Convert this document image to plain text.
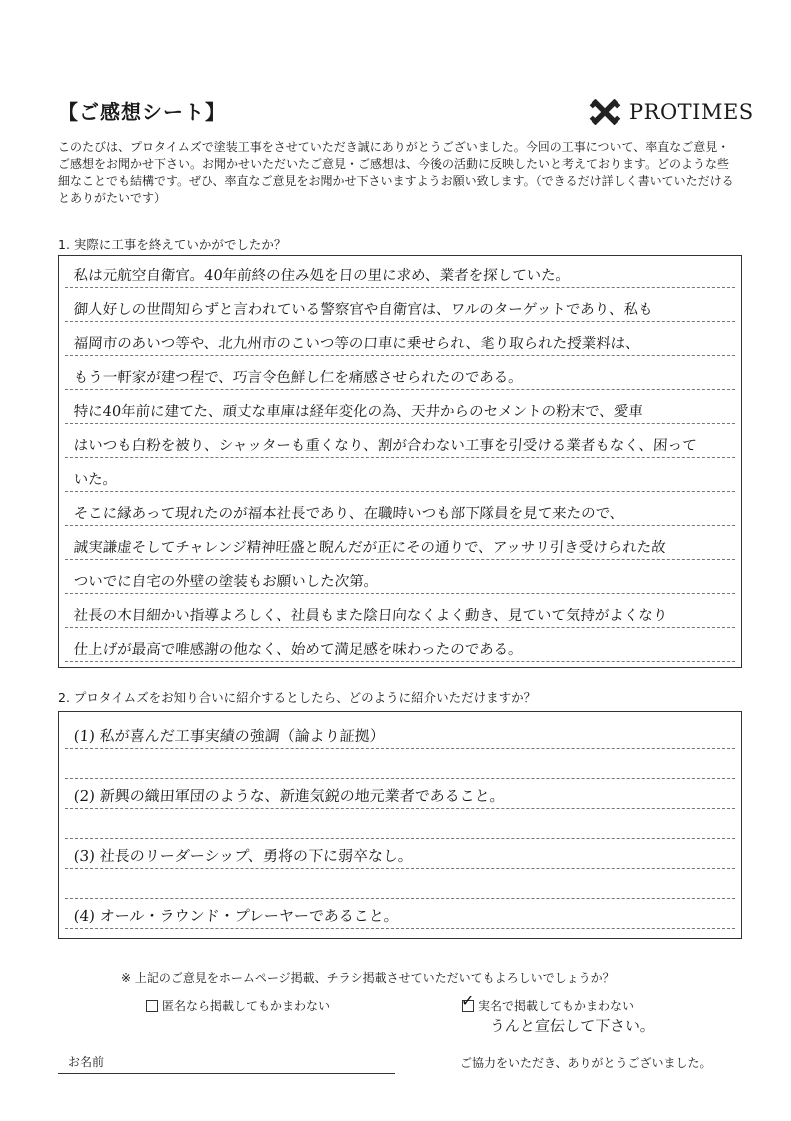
【ご感想シート】	PROTIMES

このたびは、プロタイムズで塗装工事をさせていただき誠にありがとうございました。今回の工事について、率直なご意見・ご感想をお聞かせ下さい。お聞かせいただいたご意見・ご感想は、今後の活動に反映したいと考えております。どのような些細なことでも結構です。ぜひ、率直なご意見をお聞かせ下さいますようお願い致します。（できるだけ詳しく書いていただけるとありがたいです）

1. 実際に工事を終えていかがでしたか？

私は元航空自衛官。40年前終の住み処を日の里に求め、業者を探していた。

御人好しの世間知らずと言われている警察官や自衛官は、ワルのターゲットであり、私も

福岡市のあいつ等や、北九州市のこいつ等の口車に乗せられ、毟り取られた授業料は、

もう一軒家が建つ程で、巧言令色鮮し仁を痛感させられたのである。

特に40年前に建てた、頑丈な車庫は経年変化の為、天井からのセメントの粉末で、愛車

はいつも白粉を被り、シャッターも重くなり、割が合わない工事を引受ける業者もなく、困って

いた。

そこに縁あって現れたのが福本社長であり、在職時いつも部下隊員を見て来たので、

誠実謙虚そしてチャレンジ精神旺盛と睨んだが正にその通りで、アッサリ引き受けられた故

ついでに自宅の外壁の塗装もお願いした次第。

社長の木目細かい指導よろしく、社員もまた陰日向なくよく動き、見ていて気持がよくなり

仕上げが最高で唯感謝の他なく、始めて満足感を味わったのである。

2. プロタイムズをお知り合いに紹介するとしたら、どのように紹介いただけますか？

(1) 私が喜んだ工事実績の強調（論より証拠）

(2) 新興の織田軍団のような、新進気鋭の地元業者であること。

(3) 社長のリーダーシップ、勇将の下に弱卒なし。

(4) オール・ラウンド・プレーヤーであること。

※ 上記のご意見をホームページ掲載、チラシ掲載させていただいてもよろしいでしょうか？

匿名なら掲載してもかまわない	✓ 実名で掲載してもかまわない

うんと宣伝して下さい。

お名前	ご協力をいただき、ありがとうございました。
